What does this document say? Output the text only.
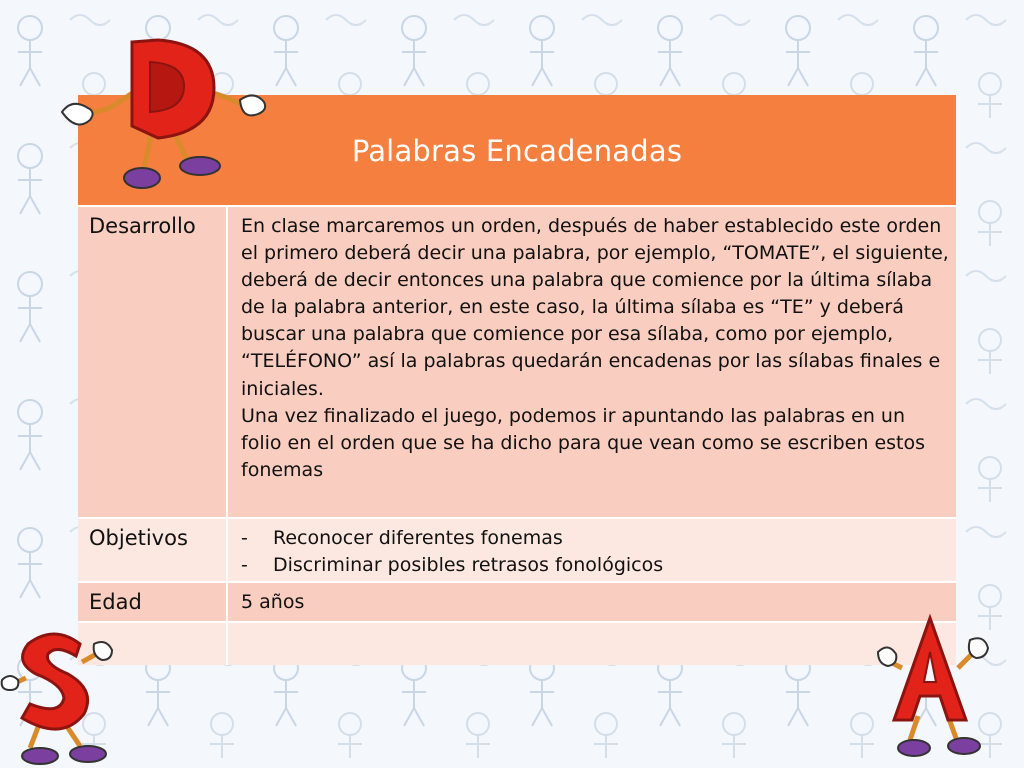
Palabras Encadenadas
Desarrollo En clase marcaremos un orden, después de haber establecido este orden el primero deberá decir una palabra, por ejemplo, “TOMATE”, el siguiente, deberá de decir entonces una palabra que comience por la última sílaba de la palabra anterior, en este caso, la última sílaba es “TE” y deberá buscar una palabra que comience por esa sílaba, como por ejemplo, “TELÉFONO” así la palabras quedarán encadenas por las sílabas finales e iniciales.
Una vez finalizado el juego, podemos ir apuntando las palabras en un folio en el orden que se ha dicho para que vean como se escriben estos fonemas
Objetivos
-	Reconocer diferentes fonemas
- Discriminar posibles retrasos fonológicos
Edad	5 años
